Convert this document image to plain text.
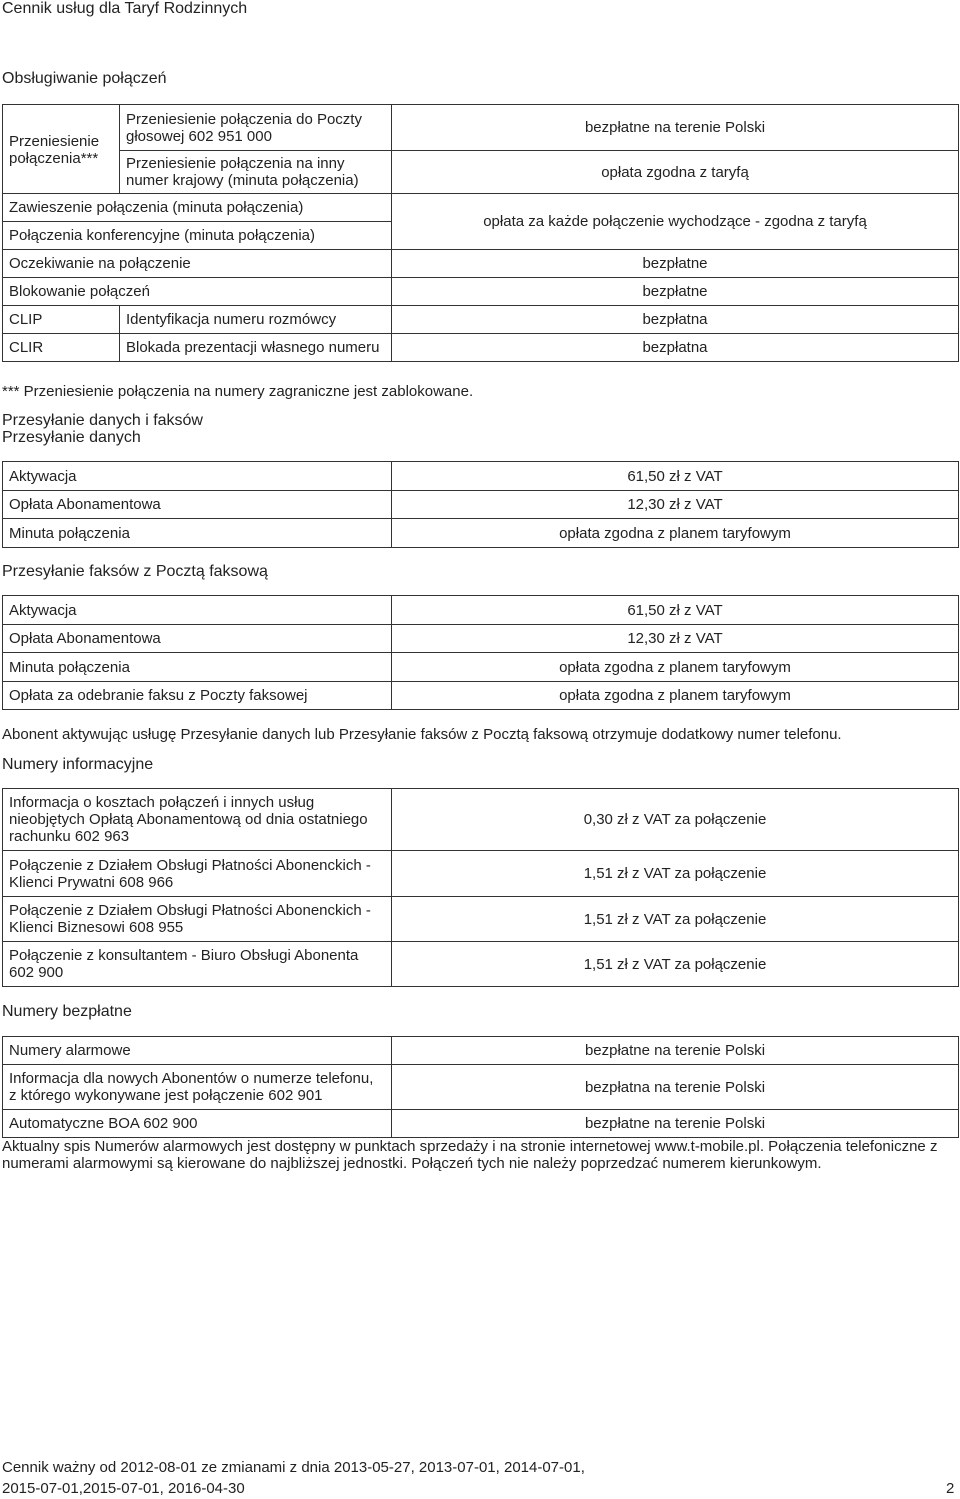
Cennik usług dla Taryf Rodzinnych
Obsługiwanie połączeń
Przeniesienie połączenia***	Przeniesienie połączenia do Poczty głosowej 602 951 000	bezpłatne na terenie Polski
	Przeniesienie połączenia na inny numer krajowy (minuta połączenia)	opłata zgodna z taryfą
Zawieszenie połączenia (minuta połączenia)		opłata za każde połączenie wychodzące - zgodna z taryfą
Połączenia konferencyjne (minuta połączenia)		
Oczekiwanie na połączenie		bezpłatne
Blokowanie połączeń		bezpłatne
CLIP	Identyfikacja numeru rozmówcy	bezpłatna
CLIR	Blokada prezentacji własnego numeru	bezpłatna
*** Przeniesienie połączenia na numery zagraniczne jest zablokowane.
Przesyłanie danych i faksów
Przesyłanie danych
Aktywacja	61,50 zł z VAT
Opłata Abonamentowa	12,30 zł z VAT
Minuta połączenia	opłata zgodna z planem taryfowym
Przesyłanie faksów z Pocztą faksową
Aktywacja	61,50 zł z VAT
Opłata Abonamentowa	12,30 zł z VAT
Minuta połączenia	opłata zgodna z planem taryfowym
Opłata za odebranie faksu z Poczty faksowej	opłata zgodna z planem taryfowym
Abonent aktywując usługę Przesyłanie danych lub Przesyłanie faksów z Pocztą faksową otrzymuje dodatkowy numer telefonu.
Numery informacyjne
Informacja o kosztach połączeń i innych usług nieobjętych Opłatą Abonamentową od dnia ostatniego rachunku 602 963	0,30 zł z VAT za połączenie
Połączenie z Działem Obsługi Płatności Abonenckich - Klienci Prywatni 608 966	1,51 zł z VAT za połączenie
Połączenie z Działem Obsługi Płatności Abonenckich - Klienci Biznesowi 608 955	1,51 zł z VAT za połączenie
Połączenie z konsultantem - Biuro Obsługi Abonenta 602 900	1,51 zł z VAT za połączenie
Numery bezpłatne
Numery alarmowe	bezpłatne na terenie Polski
Informacja dla nowych Abonentów o numerze telefonu, z którego wykonywane jest połączenie 602 901	bezpłatna na terenie Polski
Automatyczne BOA 602 900	bezpłatne na terenie Polski
Aktualny spis Numerów alarmowych jest dostępny w punktach sprzedaży i na stronie internetowej www.t-mobile.pl. Połączenia telefoniczne z numerami alarmowymi są kierowane do najbliższej jednostki. Połączeń tych nie należy poprzedzać numerem kierunkowym.
Cennik ważny od 2012-08-01 ze zmianami z dnia 2013-05-27, 2013-07-01, 2014-07-01,
2015-07-01,2015-07-01, 2016-04-30	2
